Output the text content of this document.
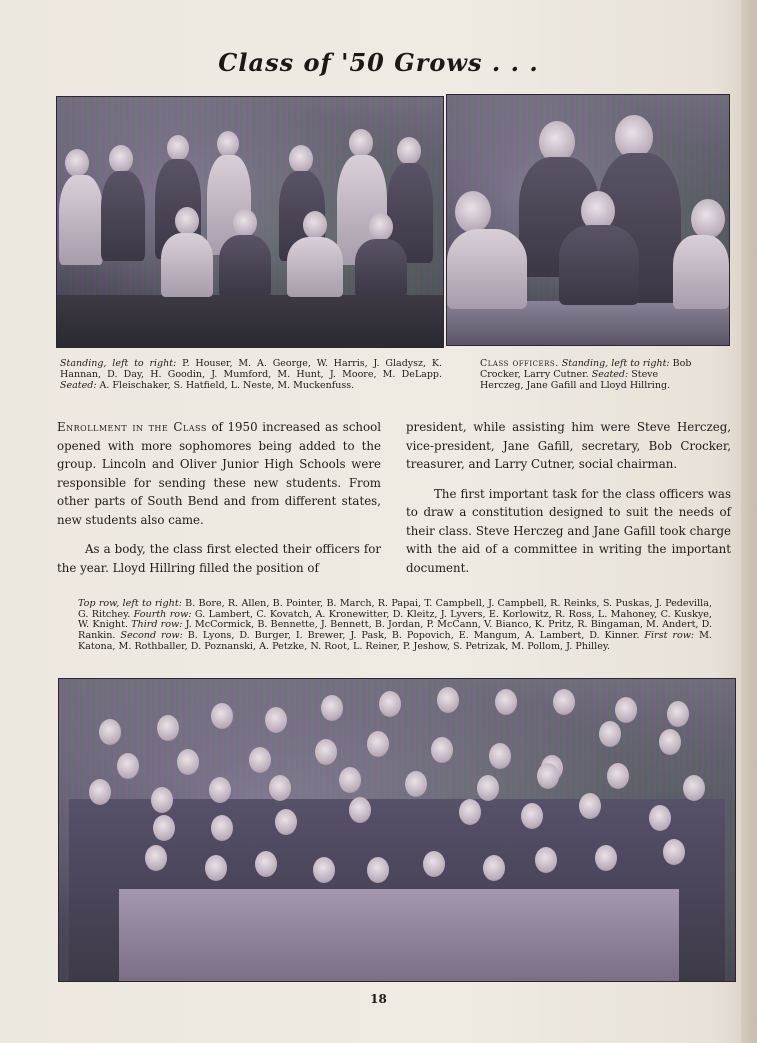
Class of '50 Grows . . .
Standing, left to right: P. Houser, M. A. George, W. Harris, J. Gladysz, K. Hannan, D. Day, H. Goodin, J. Mumford, M. Hunt, J. Moore, M. DeLapp. Seated: A. Fleischaker, S. Hatfield, L. Neste, M. Muckenfuss.
Class officers. Standing, left to right: Bob Crocker, Larry Cutner. Seated: Steve Herczeg, Jane Gafill and Lloyd Hillring.

Enrollment in the Class of 1950 increased as school opened with more sophomores being added to the group. Lincoln and Oliver Junior High Schools were responsible for sending these new students. From other parts of South Bend and from different states, new students also came.

As a body, the class first elected their officers for the year. Lloyd Hillring filled the position of

president, while assisting him were Steve Herczeg, vice-president, Jane Gafill, secretary, Bob Crocker, treasurer, and Larry Cutner, social chairman.

The first important task for the class officers was to draw a constitution designed to suit the needs of their class. Steve Herczeg and Jane Gafill took charge with the aid of a committee in writing the important document.

Top row, left to right: B. Bore, R. Allen, B. Pointer, B. March, R. Papai, T. Campbell, J. Campbell, R. Reinks, S. Puskas, J. Pedevilla, G. Ritchey. Fourth row: G. Lambert, C. Kovatch, A. Kronewitter, D. Kleitz, J. Lyvers, E. Korlowitz, R. Ross, L. Mahoney, C. Kuskye, W. Knight. Third row: J. McCormick, B. Bennette, J. Bennett, B. Jordan, P. McCann, V. Bianco, K. Pritz, R. Bingaman, M. Andert, D. Rankin. Second row: B. Lyons, D. Burger, I. Brewer, J. Pask, B. Popovich, E. Mangum, A. Lambert, D. Kinner. First row: M. Katona, M. Rothballer, D. Poznanski, A. Petzke, N. Root, L. Reiner, P. Jeshow, S. Petrizak, M. Pollom, J. Philley.
18
